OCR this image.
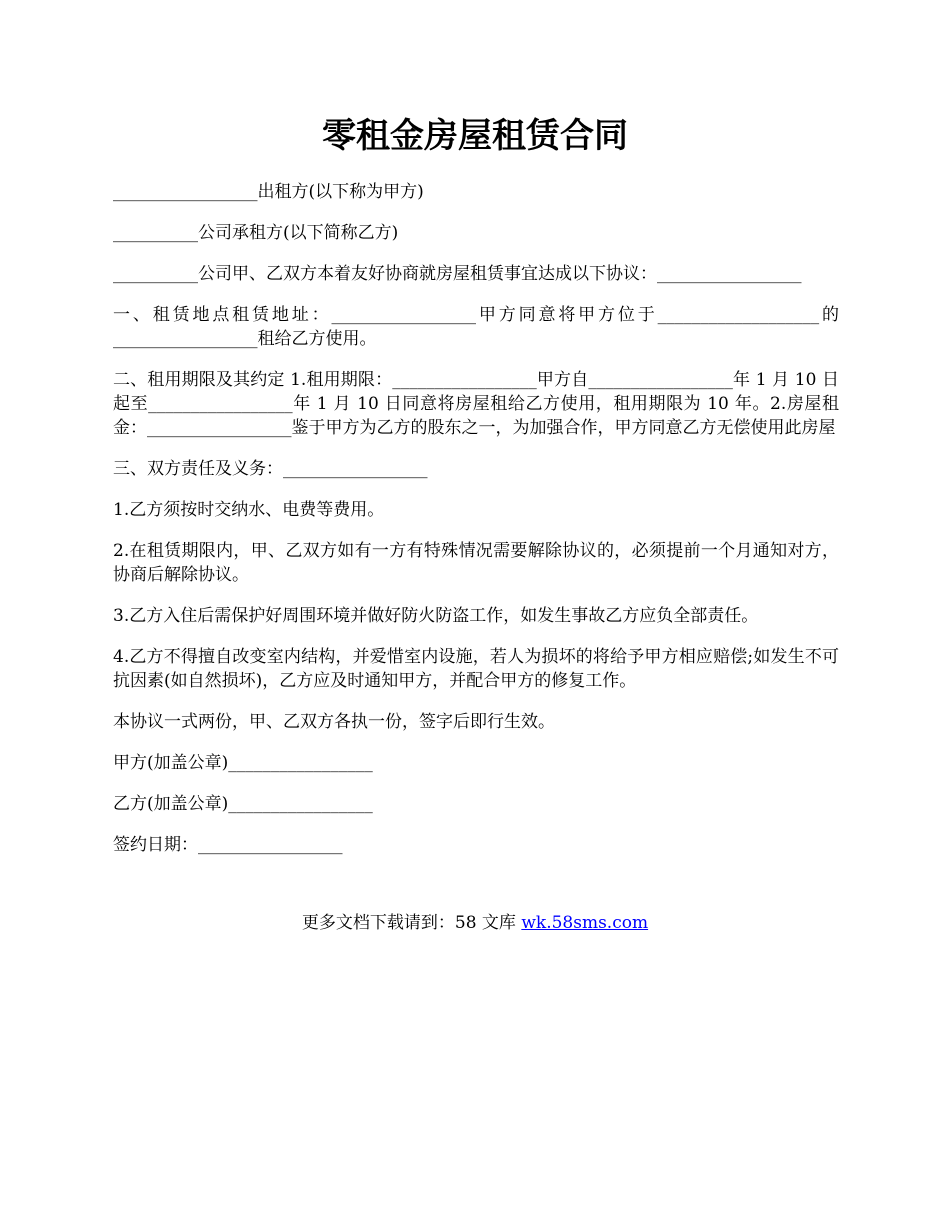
零租金房屋租赁合同

_________________出租方(以下称为甲方)

__________公司承租方(以下简称乙方)

__________公司甲、乙双方本着友好协商就房屋租赁事宜达成以下协议：_________________

一、租赁地点租赁地址：_________________甲方同意将甲方位于___________________的_________________租给乙方使用。

二、租用期限及其约定 1.租用期限：_________________甲方自_________________年 1 月 10 日起至_________________年 1 月 10 日同意将房屋租给乙方使用，租用期限为 10 年。2.房屋租金：_________________鉴于甲方为乙方的股东之一，为加强合作，甲方同意乙方无偿使用此房屋

三、双方责任及义务：_________________

1.乙方须按时交纳水、电费等费用。

2.在租赁期限内，甲、乙双方如有一方有特殊情况需要解除协议的，必须提前一个月通知对方，协商后解除协议。

3.乙方入住后需保护好周围环境并做好防火防盗工作，如发生事故乙方应负全部责任。

4.乙方不得擅自改变室内结构，并爱惜室内设施，若人为损坏的将给予甲方相应赔偿;如发生不可抗因素(如自然损坏)，乙方应及时通知甲方，并配合甲方的修复工作。

本协议一式两份，甲、乙双方各执一份，签字后即行生效。

甲方(加盖公章)_________________

乙方(加盖公章)_________________

签约日期：_________________

更多文档下载请到：58 文库 wk.58sms.com
